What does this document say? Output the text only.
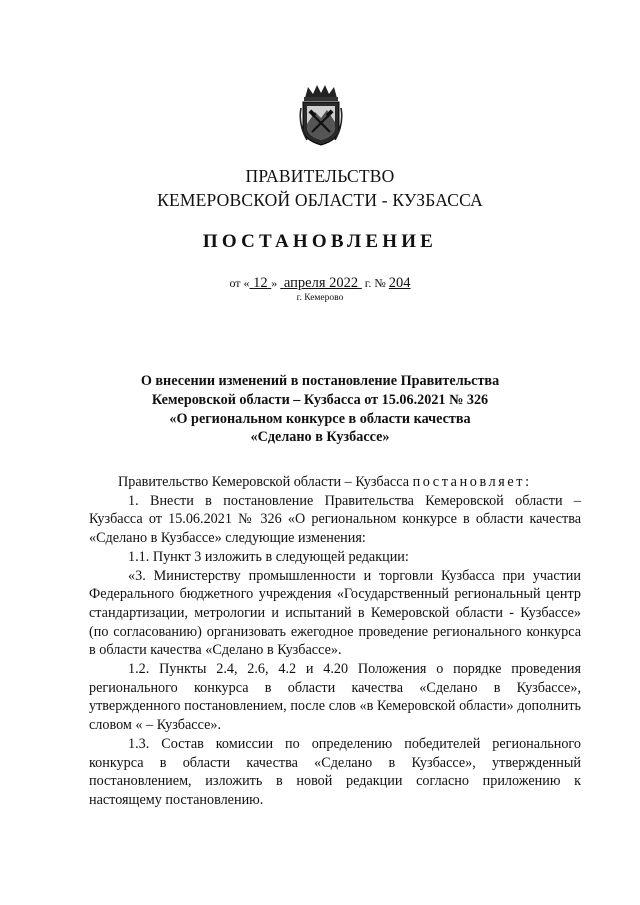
ПРАВИТЕЛЬСТВО
КЕМЕРОВСКОЙ ОБЛАСТИ - КУЗБАССА
ПОСТАНОВЛЕНИЕ
от « 12 » апреля 2022 г. № 204
г. Кемерово
О внесении изменений в постановление Правительства
Кемеровской области – Кузбасса от 15.06.2021 № 326
«О региональном конкурсе в области качества
«Сделано в Кузбассе»

Правительство Кемеровской области – Кузбасса постановляет:

1. Внести в постановление Правительства Кемеровской области – Кузбасса от 15.06.2021 № 326 «О региональном конкурсе в области качества «Сделано в Кузбассе» следующие изменения:

1.1. Пункт 3 изложить в следующей редакции:

«3. Министерству промышленности и торговли Кузбасса при участии Федерального бюджетного учреждения «Государственный региональный центр стандартизации, метрологии и испытаний в Кемеровской области - Кузбассе» (по согласованию) организовать ежегодное проведение регионального конкурса в области качества «Сделано в Кузбассе».

1.2. Пункты 2.4, 2.6, 4.2 и 4.20 Положения о порядке проведения регионального конкурса в области качества «Сделано в Кузбассе», утвержденного постановлением, после слов «в Кемеровской области» дополнить словом « – Кузбассе».

1.3. Состав комиссии по определению победителей регионального конкурса в области качества «Сделано в Кузбассе», утвержденный постановлением, изложить в новой редакции согласно приложению к настоящему постановлению.
